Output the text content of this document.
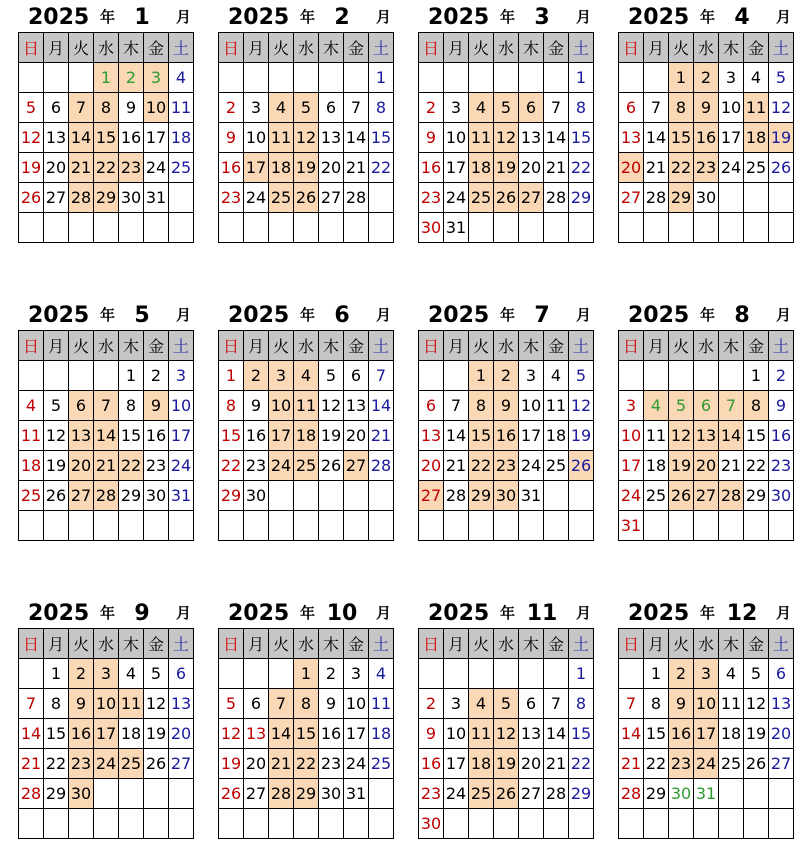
2025 年 1	月
日	月	火	水	木	金	土
			1	2	3	4
5	6	7	8	9	10	11
12	13	14	15	16	17	18
19	20	21	22	23	24	25
26	27	28	29	30	31	

2025 年 2	月
日	月	火	水	木	金	土
						1
2	3	4	5	6	7	8
9	10	11	12	13	14	15
16	17	18	19	20	21	22
23	24	25	26	27	28	

2025 年 3	月
日	月	火	水	木	金	土
						1
2	3	4	5	6	7	8
9	10	11	12	13	14	15
16	17	18	19	20	21	22
23	24	25	26	27	28	29
30	31					
2025 年 4	月
日	月	火	水	木	金	土
		1	2	3	4	5
6	7	8	9	10	11	12
13	14	15	16	17	18	19
20	21	22	23	24	25	26
27	28	29	30			

2025 年 5	月
日	月	火	水	木	金	土
				1	2	3
4	5	6	7	8	9	10
11	12	13	14	15	16	17
18	19	20	21	22	23	24
25	26	27	28	29	30	31

2025 年 6	月
日	月	火	水	木	金	土
1	2	3	4	5	6	7
8	9	10	11	12	13	14
15	16	17	18	19	20	21
22	23	24	25	26	27	28
29	30					

2025 年 7	月
日	月	火	水	木	金	土
		1	2	3	4	5
6	7	8	9	10	11	12
13	14	15	16	17	18	19
20	21	22	23	24	25	26
27	28	29	30	31		

2025 年 8	月
日	月	火	水	木	金	土
					1	2
3	4	5	6	7	8	9
10	11	12	13	14	15	16
17	18	19	20	21	22	23
24	25	26	27	28	29	30
31						
2025 年 9	月
日	月	火	水	木	金	土
	1	2	3	4	5	6
7	8	9	10	11	12	13
14	15	16	17	18	19	20
21	22	23	24	25	26	27
28	29	30				

2025 年 10	月
日	月	火	水	木	金	土
			1	2	3	4
5	6	7	8	9	10	11
12	13	14	15	16	17	18
19	20	21	22	23	24	25
26	27	28	29	30	31	

2025 年 11	月
日	月	火	水	木	金	土
						1
2	3	4	5	6	7	8
9	10	11	12	13	14	15
16	17	18	19	20	21	22
23	24	25	26	27	28	29
30						
2025 年 12	月
日	月	火	水	木	金	土
	1	2	3	4	5	6
7	8	9	10	11	12	13
14	15	16	17	18	19	20
21	22	23	24	25	26	27
28	29	30	31			
